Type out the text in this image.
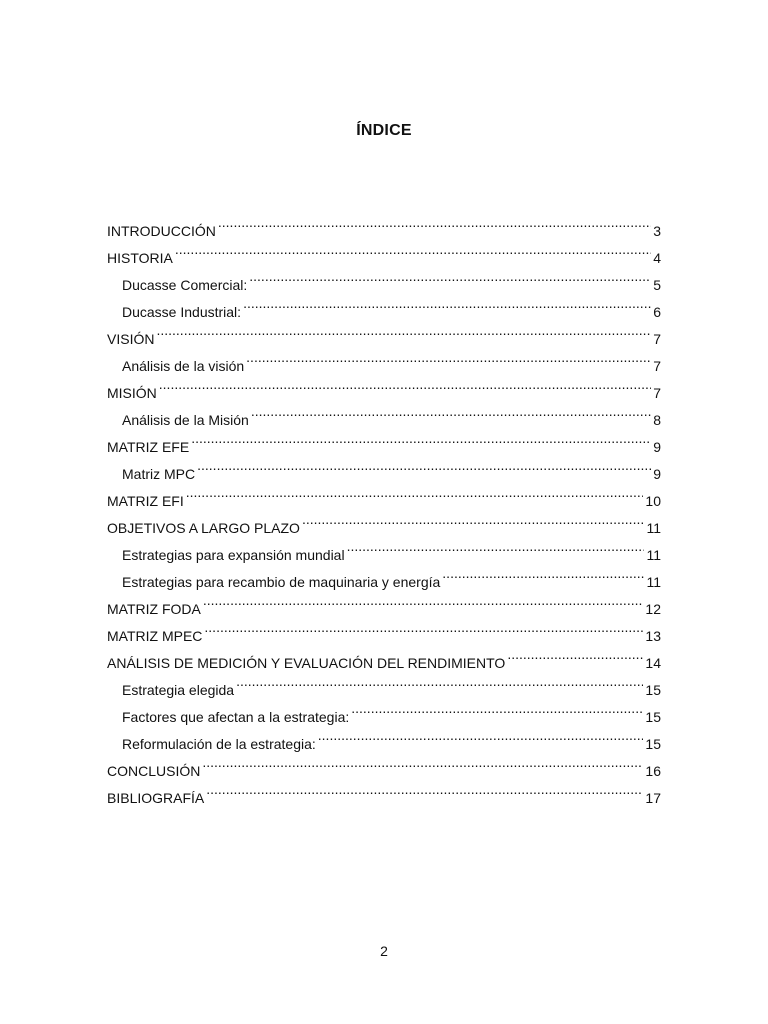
ÍNDICE
INTRODUCCIÓN .....	3
HISTORIA .....	4
Ducasse Comercial: .....	5
Ducasse Industrial: .....	6
VISIÓN .....	7
Análisis de la visión .....	7
MISIÓN .....	7
Análisis de la Misión .....	8
MATRIZ EFE .....	9
Matriz MPC .....	9
MATRIZ EFI .....	10
OBJETIVOS A LARGO PLAZO .....	11
Estrategias para expansión mundial .....	11
Estrategias para recambio de maquinaria y energía .....	11
MATRIZ FODA .....	12
MATRIZ MPEC .....	13
ANÁLISIS DE MEDICIÓN Y EVALUACIÓN DEL RENDIMIENTO .....	14
Estrategia elegida .....	15
Factores que afectan a la estrategia: .....	15
Reformulación de la estrategia: .....	15
CONCLUSIÓN .....	16
BIBLIOGRAFÍA .....	17
2
